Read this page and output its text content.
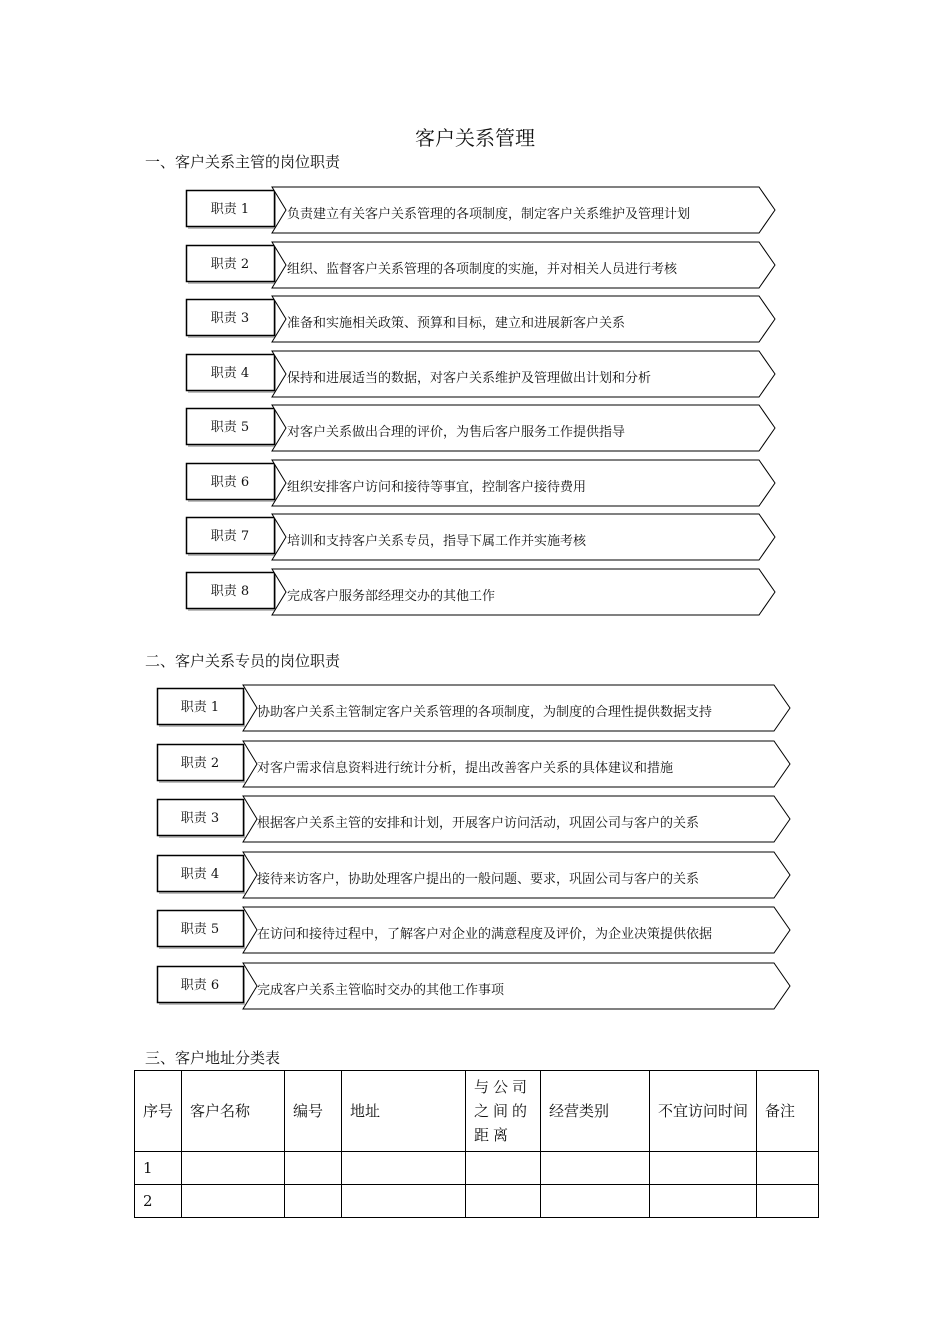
客户关系管理
一、客户关系主管的岗位职责
职责 1	负责建立有关客户关系管理的各项制度，制定客户关系维护及管理计划
职责 2	组织、监督客户关系管理的各项制度的实施，并对相关人员进行考核
职责 3	准备和实施相关政策、预算和目标，建立和进展新客户关系
职责 4	保持和进展适当的数据，对客户关系维护及管理做出计划和分析
职责 5	对客户关系做出合理的评价，为售后客户服务工作提供指导
职责 6	组织安排客户访问和接待等事宜，控制客户接待费用
职责 7	培训和支持客户关系专员，指导下属工作并实施考核
职责 8	完成客户服务部经理交办的其他工作
二、客户关系专员的岗位职责
职责 1	协助客户关系主管制定客户关系管理的各项制度，为制度的合理性提供数据支持
职责 2	对客户需求信息资料进行统计分析，提出改善客户关系的具体建议和措施
职责 3	根据客户关系主管的安排和计划，开展客户访问活动，巩固公司与客户的关系
职责 4	接待来访客户，协助处理客户提出的一般问题、要求，巩固公司与客户的关系
职责 5	在访问和接待过程中，了解客户对企业的满意程度及评价，为企业决策提供依据
职责 6	完成客户关系主管临时交办的其他工作事项
三、客户地址分类表
序号	客户名称	编号	地址	与公司之间的距离	经营类别	不宜访问时间	备注
1							
2							
